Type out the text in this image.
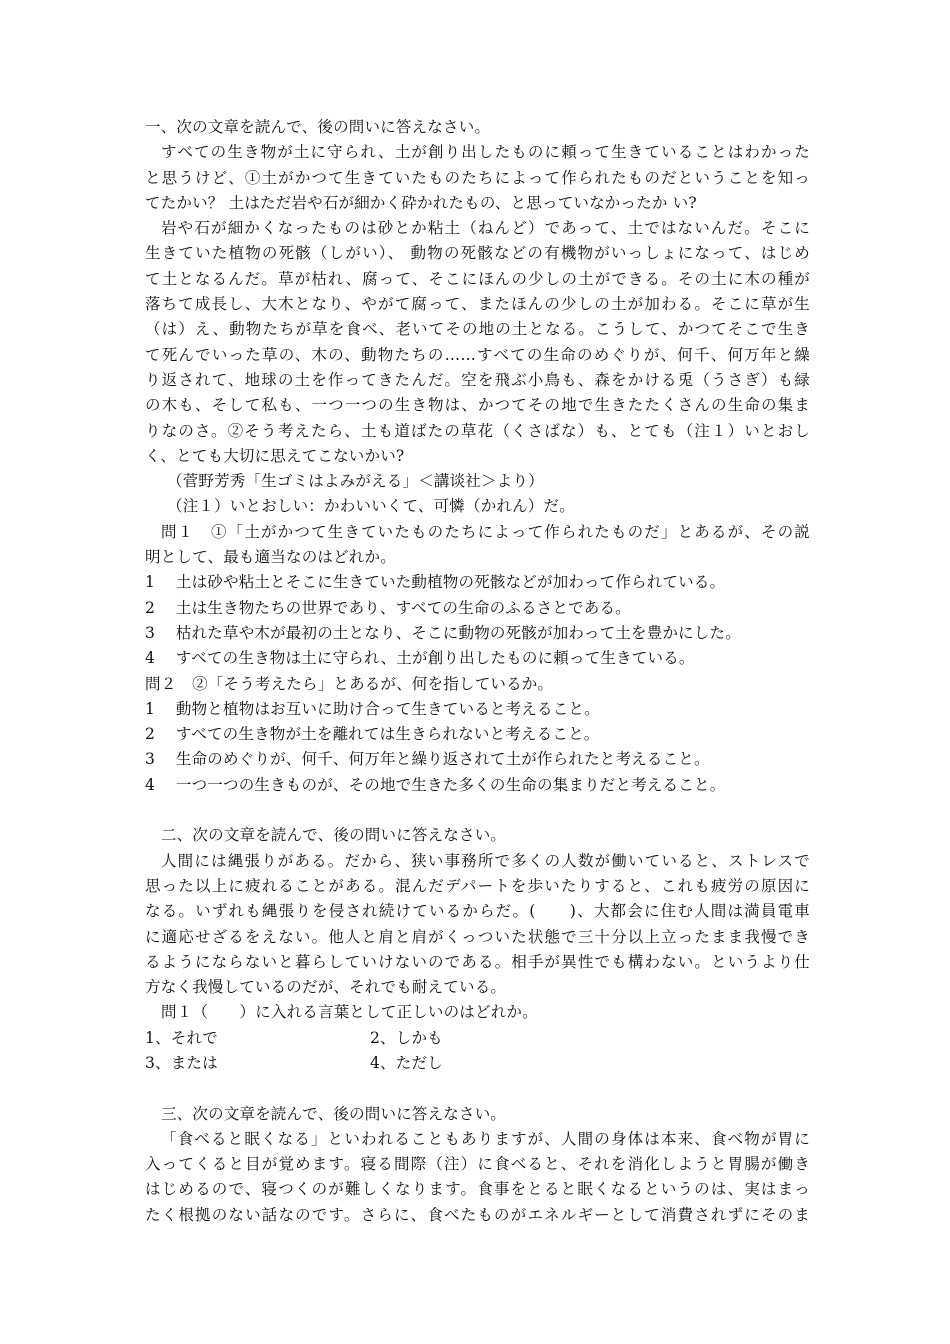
一、次の文章を読んで、後の問いに答えなさい。
すべての生き物が土に守られ、土が創り出したものに頼って生きていることはわかった
と思うけど、①土がかつて生きていたものたちによって作られたものだということを知っ
てたかい？ 土はただ岩や石が細かく砕かれたもの、と思っていなかったか い?
岩や石が細かくなったものは砂とか粘土（ねんど）であって、土ではないんだ。そこに
生きていた植物の死骸（しがい）、 動物の死骸などの有機物がいっしょになって、はじめ
て土となるんだ。草が枯れ、腐って、そこにほんの少しの土ができる。その土に木の種が
落ちて成長し、大木となり、やがて腐って、またほんの少しの土が加わる。そこに草が生
（は）え、動物たちが草を食べ、老いてその地の土となる。こうして、かつてそこで生き
て死んでいった草の、木の、動物たちの……すべての生命のめぐりが、何千、何万年と繰
り返されて、地球の土を作ってきたんだ。空を飛ぶ小鳥も、森をかける兎（うさぎ）も緑
の木も、そして私も、一つ一つの生き物は、かつてその地で生きたたくさんの生命の集ま
りなのさ。②そう考えたら、土も道ばたの草花（くさばな）も、とても（注１）いとおし
く、とても大切に思えてこないかい?
（菅野芳秀「生ゴミはよみがえる」＜講谈社＞より）
（注１）いとおしい：かわいいくて、可憐（かれん）だ。
問１　①「土がかつて生きていたものたちによって作られたものだ」とあるが、その説
明として、最も適当なのはどれか。
1　 土は砂や粘土とそこに生きていた動植物の死骸などが加わって作られている。
2　 土は生き物たちの世界であり、すべての生命のふるさとである。
3　 枯れた草や木が最初の土となり、そこに動物の死骸が加わって土を豊かにした。
4　 すべての生き物は土に守られ、土が創り出したものに頼って生きている。
問２　②「そう考えたら」とあるが、何を指しているか。
1　 動物と植物はお互いに助け合って生きていると考えること。
2　 すべての生き物が土を離れては生きられないと考えること。
3　 生命のめぐりが、何千、何万年と繰り返されて土が作られたと考えること。
4　 一つ一つの生きものが、その地で生きた多くの生命の集まりだと考えること。
二、次の文章を読んで、後の問いに答えなさい。
人間には縄張りがある。だから、狭い事務所で多くの人数が働いていると、ストレスで
思った以上に疲れることがある。混んだデパートを歩いたりすると、これも疲労の原因に
なる。いずれも縄張りを侵され続けているからだ。(　　)、大都会に住む人間は満員電車
に適応せざるをえない。他人と肩と肩がくっついた状態で三十分以上立ったまま我慢でき
るようにならないと暮らしていけないのである。相手が異性でも構わない。というより仕
方なく我慢しているのだが、それでも耐えている。
問１（　　）に入れる言葉として正しいのはどれか。
1、それで	2、しかも
3、または	4、ただし
三、次の文章を読んで、後の問いに答えなさい。
「食べると眠くなる」といわれることもありますが、人間の身体は本来、食べ物が胃に
入ってくると目が覚めます。寝る間際（注）に食べると、それを消化しようと胃腸が働き
はじめるので、寝つくのが難しくなります。食事をとると眠くなるというのは、実はまっ
たく根拠のない話なのです。さらに、食べたものがエネルギーとして消費されずにそのま
